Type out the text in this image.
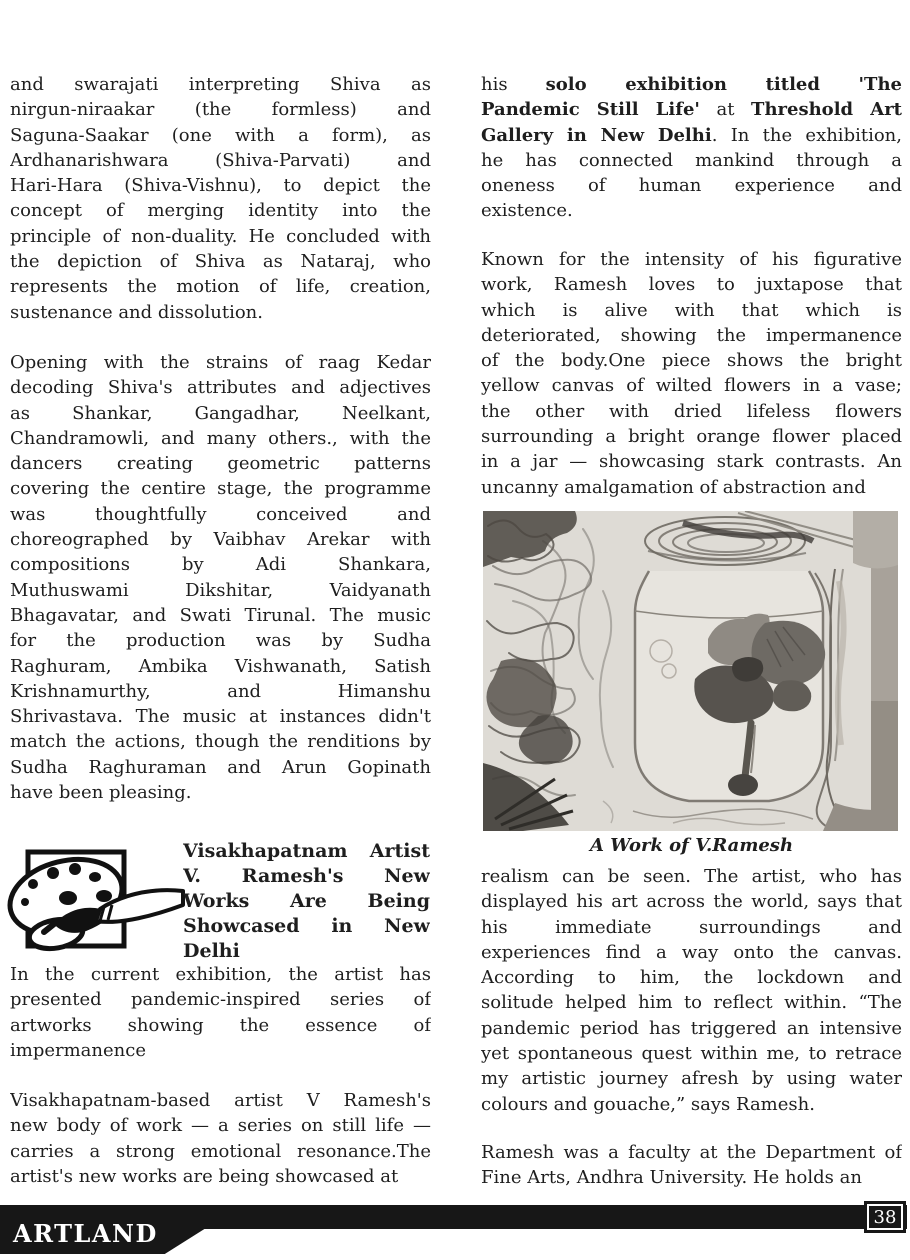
and swarajati interpreting Shiva as
nirgun-niraakar (the formless) and
Saguna-Saakar (one with a form), as
Ardhanarishwara (Shiva-Parvati) and
Hari-Hara (Shiva-Vishnu), to depict the
concept of merging identity into the
principle of non-duality. He concluded with
the depiction of Shiva as Nataraj, who
represents the motion of life, creation,
sustenance and dissolution.
Opening with the strains of raag Kedar
decoding Shiva's attributes and adjectives
as Shankar, Gangadhar, Neelkant,
Chandramowli, and many others., with the
dancers creating geometric patterns
covering the centire stage, the programme
was thoughtfully conceived and
choreographed by Vaibhav Arekar with
compositions by Adi Shankara,
Muthuswami Dikshitar, Vaidyanath
Bhagavatar, and Swati Tirunal. The music
for the production was by Sudha
Raghuram, Ambika Vishwanath, Satish
Krishnamurthy, and Himanshu
Shrivastava. The music at instances didn't
match the actions, though the renditions by
Sudha Raghuraman and Arun Gopinath
have been pleasing.
Visakhapatnam Artist
V. Ramesh's New
Works Are Being
Showcased in New
Delhi
In the current exhibition, the artist has
presented pandemic-inspired series of
artworks showing the essence of
impermanence
Visakhapatnam-based artist V Ramesh's
new body of work — a series on still life —
carries a strong emotional resonance.The
artist's new works are being showcased at
his solo exhibition titled 'The
Pandemic Still Life' at Threshold Art
Gallery in New Delhi. In the exhibition,
he has connected mankind through a
oneness of human experience and
existence.
Known for the intensity of his figurative
work, Ramesh loves to juxtapose that
which is alive with that which is
deteriorated, showing the impermanence
of the body.One piece shows the bright
yellow canvas of wilted flowers in a vase;
the other with dried lifeless flowers
surrounding a bright orange flower placed
in a jar — showcasing stark contrasts. An
uncanny amalgamation of abstraction and
A Work of V.Ramesh
realism can be seen. The artist, who has
displayed his art across the world, says that
his immediate surroundings and
experiences find a way onto the canvas.
According to him, the lockdown and
solitude helped him to reflect within. “The
pandemic period has triggered an intensive
yet spontaneous quest within me, to retrace
my artistic journey afresh by using water
colours and gouache,” says Ramesh.
Ramesh was a faculty at the Department of
Fine Arts, Andhra University. He holds an
ARTLAND
38
